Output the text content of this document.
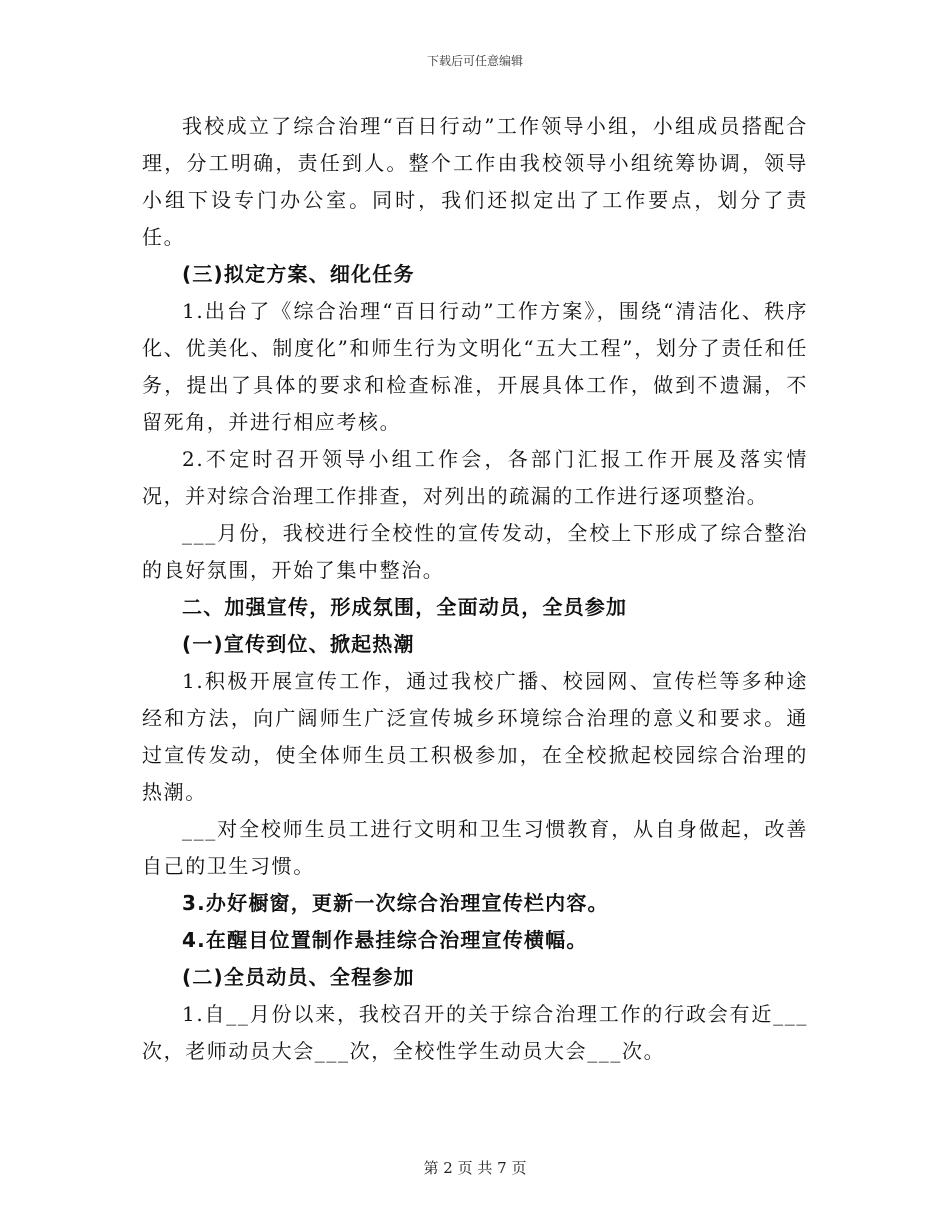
下载后可任意编辑

我校成立了综合治理“百日行动”工作领导小组，小组成员搭配合理，分工明确，责任到人。整个工作由我校领导小组统筹协调，领导小组下设专门办公室。同时，我们还拟定出了工作要点，划分了责任。

(三)拟定方案、细化任务

1.出台了《综合治理“百日行动”工作方案》，围绕“清洁化、秩序化、优美化、制度化”和师生行为文明化“五大工程”，划分了责任和任务，提出了具体的要求和检查标准，开展具体工作，做到不遗漏，不留死角，并进行相应考核。

2.不定时召开领导小组工作会，各部门汇报工作开展及落实情况，并对综合治理工作排查，对列出的疏漏的工作进行逐项整治。

___月份，我校进行全校性的宣传发动，全校上下形成了综合整治的良好氛围，开始了集中整治。

二、加强宣传，形成氛围，全面动员，全员参加

(一)宣传到位、掀起热潮

1.积极开展宣传工作，通过我校广播、校园网、宣传栏等多种途经和方法，向广阔师生广泛宣传城乡环境综合治理的意义和要求。通过宣传发动，使全体师生员工积极参加，在全校掀起校园综合治理的热潮。

___对全校师生员工进行文明和卫生习惯教育，从自身做起，改善自己的卫生习惯。

3.办好橱窗，更新一次综合治理宣传栏内容。

4.在醒目位置制作悬挂综合治理宣传横幅。

(二)全员动员、全程参加

1.自__月份以来，我校召开的关于综合治理工作的行政会有近___次，老师动员大会___次，全校性学生动员大会___次。

第 2 页 共 7 页
